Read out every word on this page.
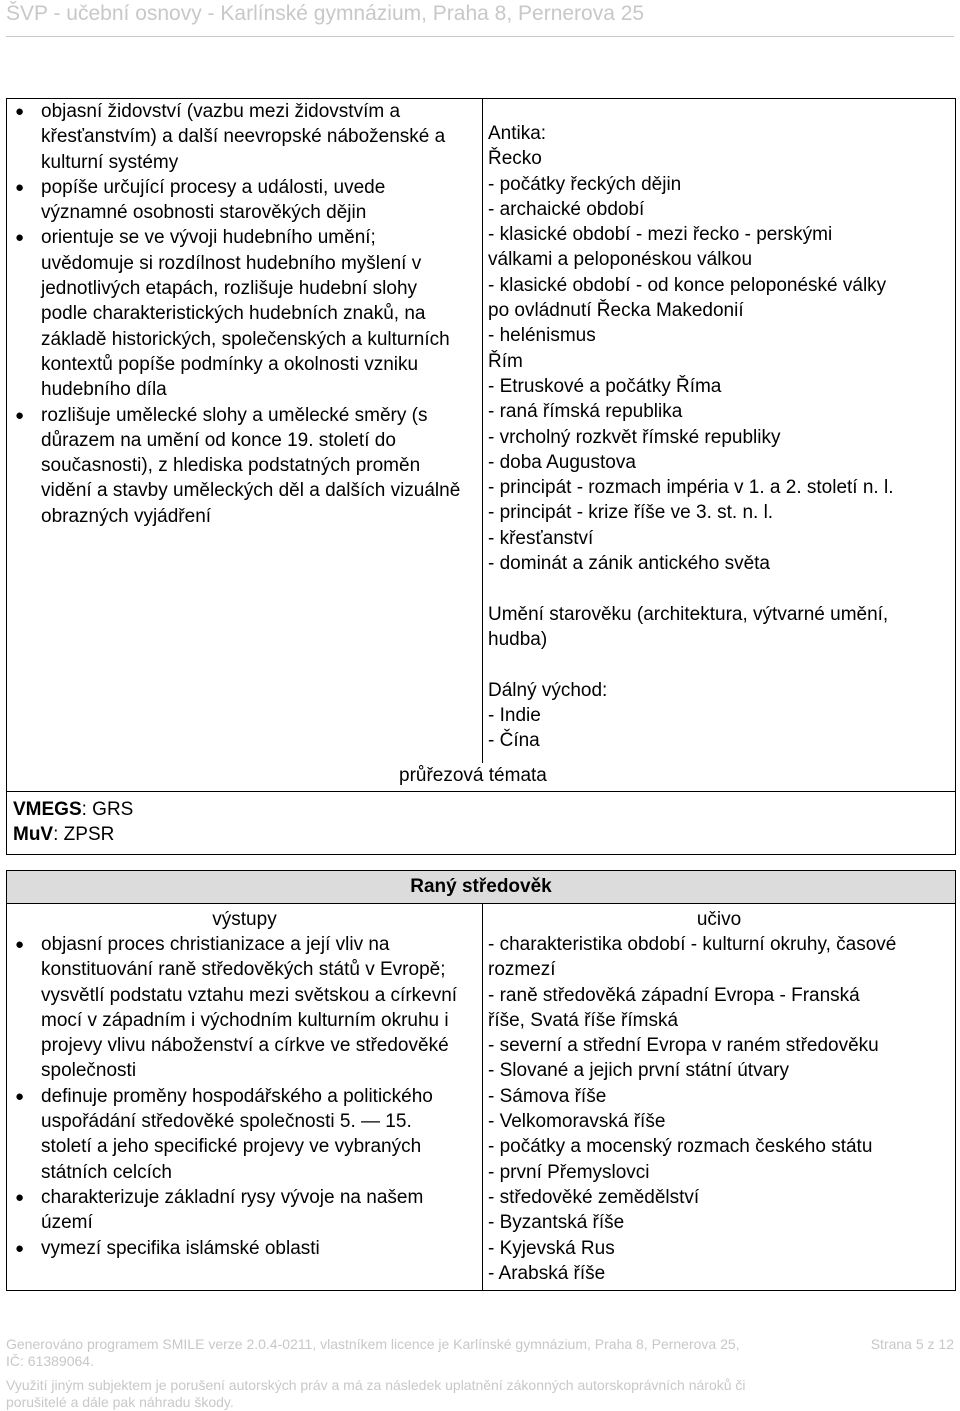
ŠVP - učební osnovy - Karlínské gymnázium, Praha 8, Pernerova 25
● objasní židovství (vazbu mezi židovstvím a křesťanstvím) a další neevropské náboženské a kulturní systémy
● popíše určující procesy a události, uvede významné osobnosti starověkých dějin
● orientuje se ve vývoji hudebního umění; uvědomuje si rozdílnost hudebního myšlení v jednotlivých etapách, rozlišuje hudební slohy podle charakteristických hudebních znaků, na základě historických, společenských a kulturních kontextů popíše podmínky a okolnosti vzniku hudebního díla
● rozlišuje umělecké slohy a umělecké směry (s důrazem na umění od konce 19. století do současnosti), z hlediska podstatných proměn vidění a stavby uměleckých děl a dalších vizuálně obrazných vyjádření
Antika:
Řecko
- počátky řeckých dějin
- archaické období
- klasické období - mezi řecko - perskými
válkami a peloponéskou válkou
- klasické období - od konce peloponéské války
po ovládnutí Řecka Makedonií
- helénismus
Řím
- Etruskové a počátky Říma
- raná římská republika
- vrcholný rozkvět římské republiky
- doba Augustova
- principát - rozmach impéria v 1. a 2. století n. l.
- principát - krize říše ve 3. st. n. l.
- křesťanství
- dominát a zánik antického světa
Umění starověku (architektura, výtvarné umění,
hudba)
Dálný východ:
- Indie
- Čína
průřezová témata
VMEGS: GRS
MuV: ZPSR
Raný středověk
výstupy	učivo
● objasní proces christianizace a její vliv na konstituování raně středověkých států v Evropě; vysvětlí podstatu vztahu mezi světskou a církevní mocí v západním i východním kulturním okruhu i projevy vlivu náboženství a církve ve středověké společnosti
● definuje proměny hospodářského a politického uspořádání středověké společnosti 5. — 15. století a jeho specifické projevy ve vybraných státních celcích
● charakterizuje základní rysy vývoje na našem území
● vymezí specifika islámské oblasti
- charakteristika období - kulturní okruhy, časové
rozmezí
- raně středověká západní Evropa - Franská
říše, Svatá říše římská
- severní a střední Evropa v raném středověku
- Slované a jejich první státní útvary
- Sámova říše
- Velkomoravská říše
- počátky a mocenský rozmach českého státu
- první Přemyslovci
- středověké zemědělství
- Byzantská říše
- Kyjevská Rus
- Arabská říše
Generováno programem SMILE verze 2.0.4-0211, vlastníkem licence je Karlínské gymnázium, Praha 8, Pernerova 25,	Strana 5 z 12
IČ: 61389064.
Využití jiným subjektem je porušení autorských práv a má za následek uplatnění zákonných autorskoprávních nároků či
porušitelé a dále pak náhradu škody.
